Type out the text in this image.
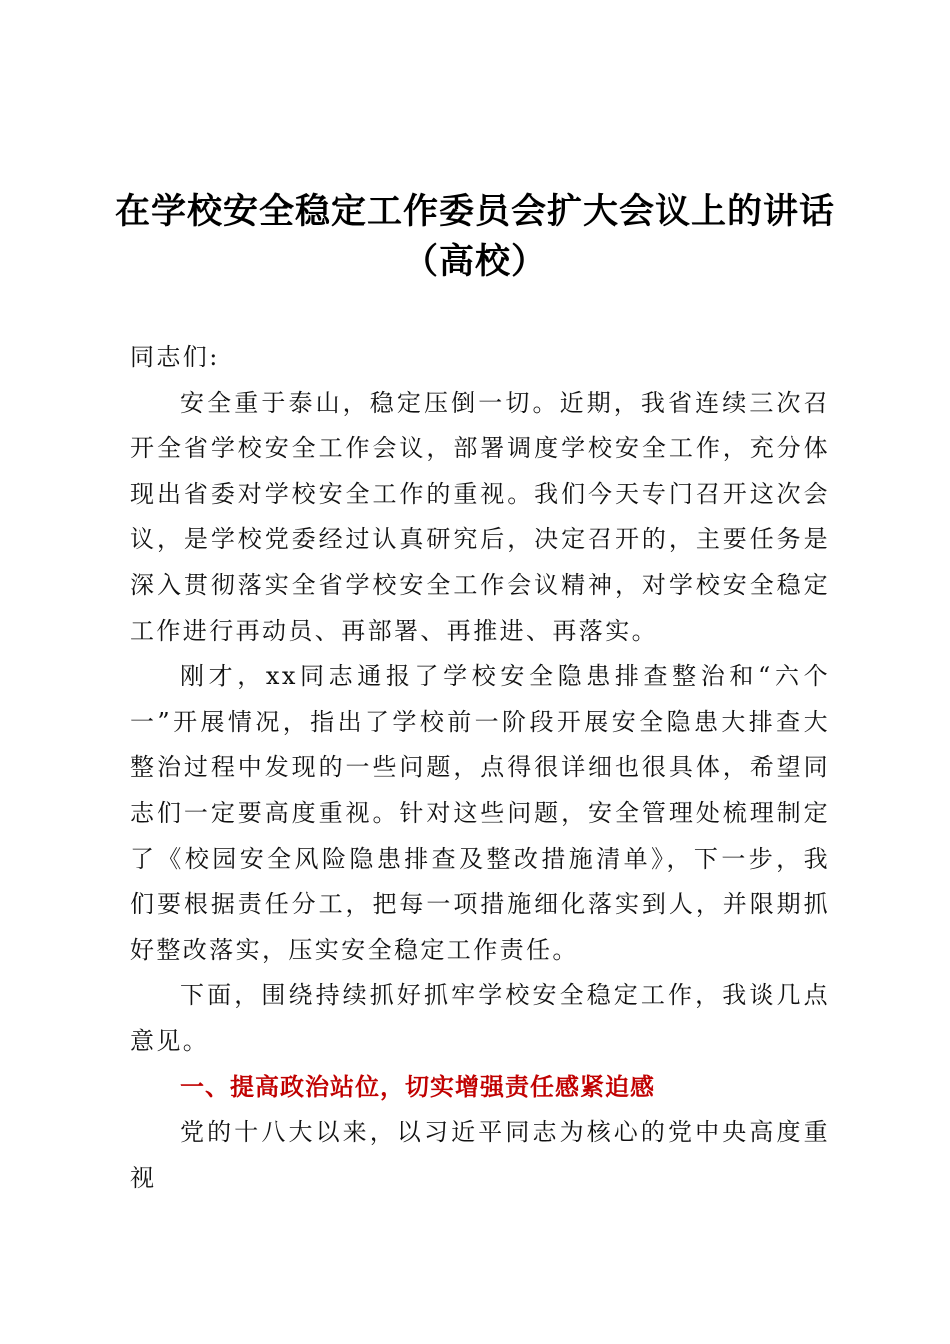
在学校安全稳定工作委员会扩大会议上的讲话
（高校）

同志们:

安全重于泰山，稳定压倒一切。近期，我省连续三次召开全省学校安全工作会议，部署调度学校安全工作，充分体现出省委对学校安全工作的重视。我们今天专门召开这次会议，是学校党委经过认真研究后，决定召开的，主要任务是深入贯彻落实全省学校安全工作会议精神，对学校安全稳定工作进行再动员、再部署、再推进、再落实。

刚才，xx同志通报了学校安全隐患排查整治和“六个一”开展情况，指出了学校前一阶段开展安全隐患大排查大整治过程中发现的一些问题，点得很详细也很具体，希望同志们一定要高度重视。针对这些问题，安全管理处梳理制定了《校园安全风险隐患排查及整改措施清单》，下一步，我们要根据责任分工，把每一项措施细化落实到人，并限期抓好整改落实，压实安全稳定工作责任。

下面，围绕持续抓好抓牢学校安全稳定工作，我谈几点意见。

一、提高政治站位，切实增强责任感紧迫感

党的十八大以来，以习近平同志为核心的党中央高度重视
